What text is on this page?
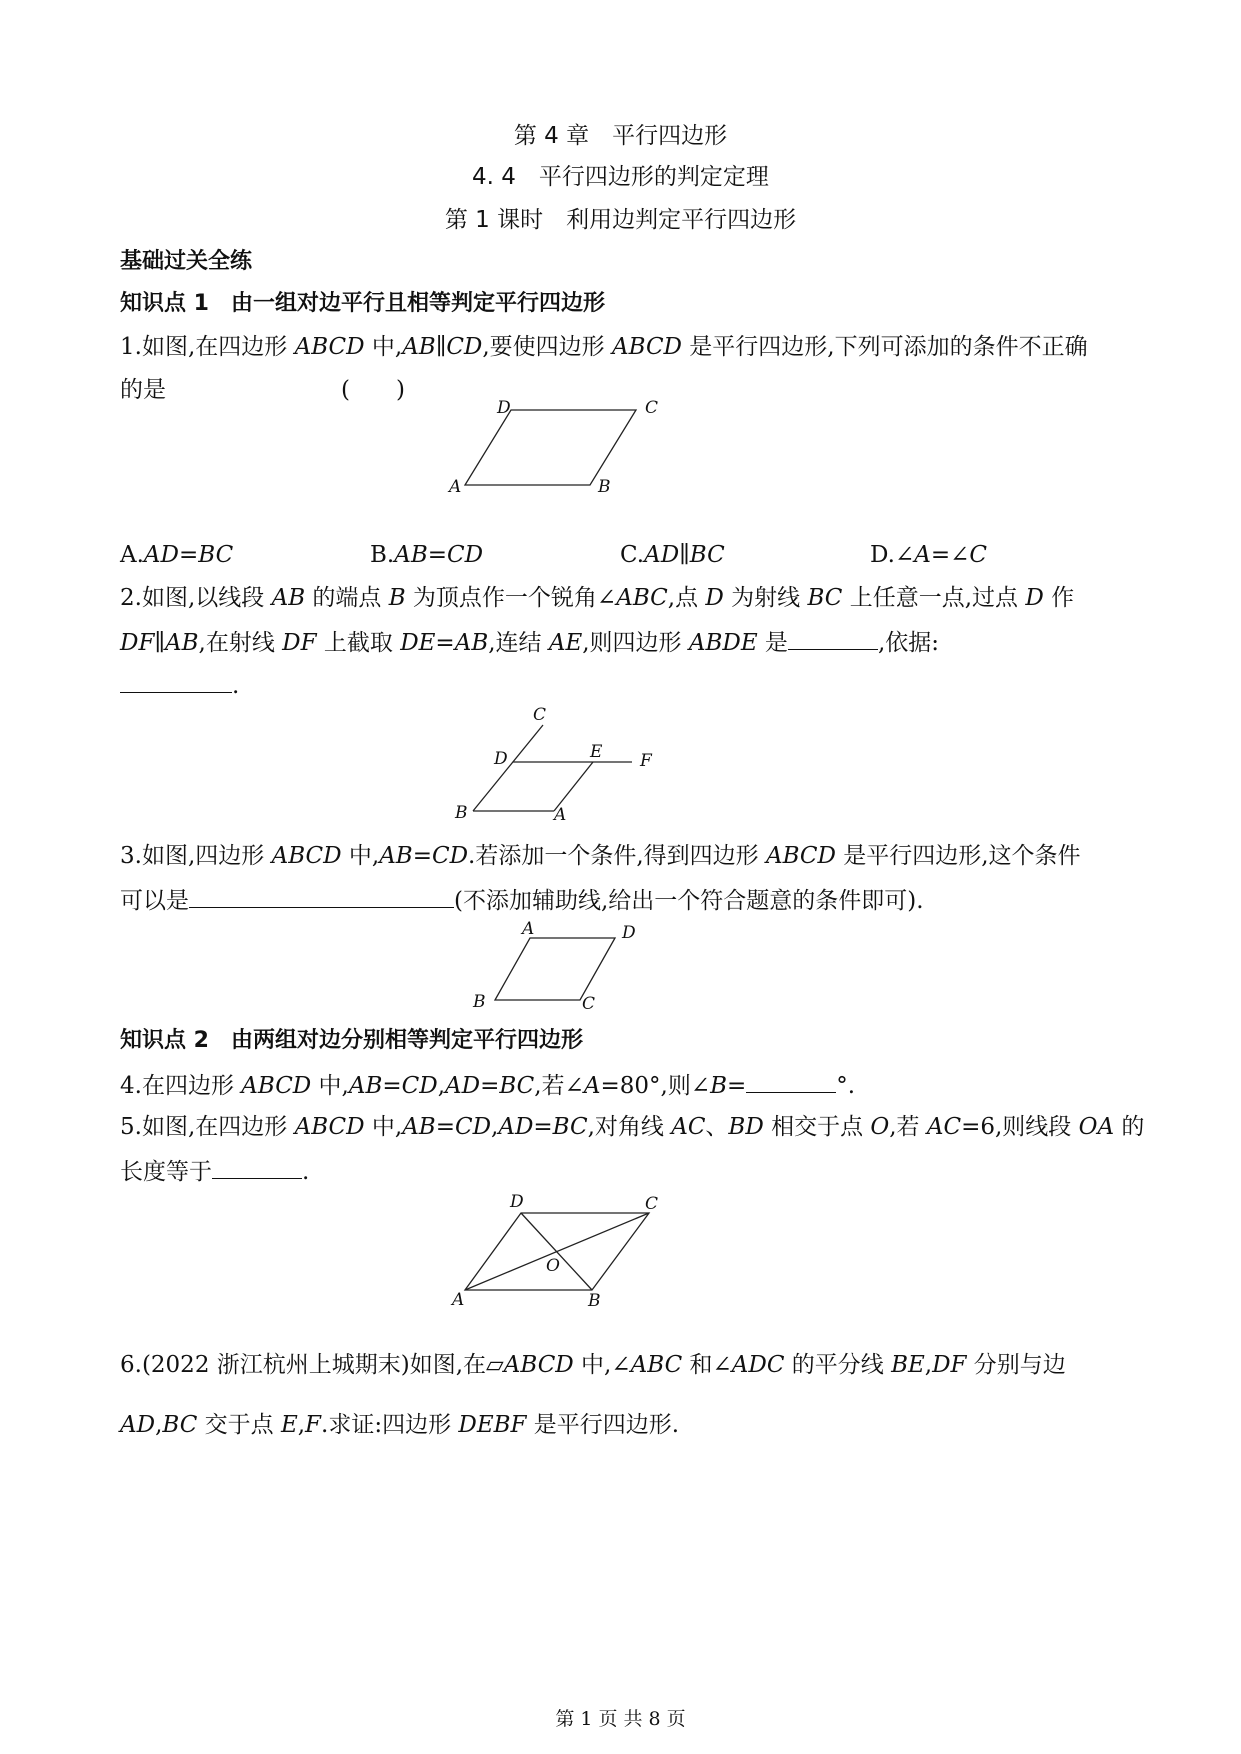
第 4 章　平行四边形
4. 4　平行四边形的判定定理
第 1 课时　利用边判定平行四边形
基础过关全练
知识点 1　由一组对边平行且相等判定平行四边形
1.如图,在四边形 ABCD 中,AB∥CD,要使四边形 ABCD 是平行四边形,下列可添加的条件不正确
的是	(　　)
D	C
A	B
A.AD=BC	B.AB=CD	C.AD∥BC	D.∠A=∠C
2.如图,以线段 AB 的端点 B 为顶点作一个锐角∠ABC,点 D 为射线 BC 上任意一点,过点 D 作
DF∥AB,在射线 DF 上截取 DE=AB,连结 AE,则四边形 ABDE 是	,依据:
.
C
D	E F
B	A
3.如图,四边形 ABCD 中,AB=CD.若添加一个条件,得到四边形 ABCD 是平行四边形,这个条件
可以是	(不添加辅助线,给出一个符合题意的条件即可).
A	D
B	C
知识点 2　由两组对边分别相等判定平行四边形
4.在四边形 ABCD 中,AB=CD,AD=BC,若∠A=80°,则∠B=	°.
5.如图,在四边形 ABCD 中,AB=CD,AD=BC,对角线 AC、BD 相交于点 O,若 AC=6,则线段 OA 的
长度等于	.
D	C
O
A	B
6.(2022 浙江杭州上城期末)如图,在▱ABCD 中,∠ABC 和∠ADC 的平分线 BE,DF 分别与边
AD,BC 交于点 E,F.求证:四边形 DEBF 是平行四边形.
第 1 页 共 8 页
